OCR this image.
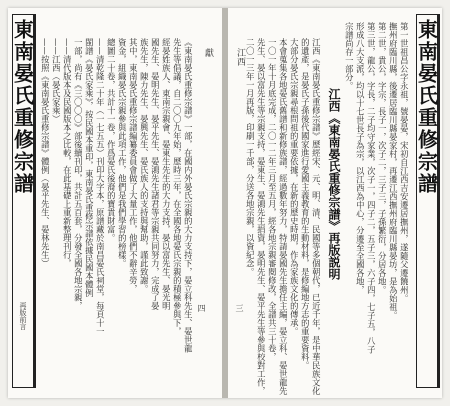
東南晏氏重修宗譜
再版前言	四
獻
《東南晏氏重修宗譜》一部，在國内外晏氏宗親的大力支持下，晏立科先生、晏世龍
先生等倡議，自二〇〇九年始，歷時三年，在全國各地晏氏宗親的積極參與下，
經晏姓族人、東南宗親會、晏東生先生的大力支持，晏以富先生、晏光明
國先生、晏明先生、晏平先生、晏鴻先生諸君等宗親共同努力，完成了晏
族先生，陳力先生、晏興先生、晏氏族人的支持與幫助，謹此致謝。
其中，東南晏氏重修宗譜編纂委員會做了大量工作，他們不辭辛勞，
資金，組織晏氏宗親參與此項工作，他們是我們學習的榜樣。
總圖二十卷，共計十一卷，作爲晏氏後裔的寶貴財富。
——清乾隆二十年（一七五五）刊印大字本，原譜藏於南昌晏氏祠堂，每頁十一
閩譜《晏氏家乘》，按民國本重印，東南晏氏重修宗譜依據民國本體例
一部，尚有《三〇〇〇》部後續刊印，共計五百套，分發全國各地宗親，
——清代版本及民國版本之比較，在此基礎上重新整理刊行，
——江西（晏氏家乘）
——按照《東南晏氏重修宗譜》體例（晏平先生、晏林先生）	東南晏氏重修宗譜
三
江西	第一世祖昌公字永祖，號晏晏，宋初自江西吉安遷居撫州，遂隨父遷饒州。
撫州府臨川縣，後遷居臨川縣晏家村，再遷江西撫州府臨川縣晏坊，是為始祖。
第二世，貴公，字宗，長子一，次子二，三子三，子孫繁衍，分居各地。
第三世，龍公，字長，二子均守家業，次子一，四子二，五子三，六子四，七子五，八子
形成八大支派，均以十七世長子為宗，以江西為中心，分遷至全國各地，
宗譜尚存一部分。
江西《東南晏氏重修宗譜》再版説明
江西《東南晏氏重修宗譜》歷經宋、元、明、清、民國等多個朝代，已近千年，是中華民族文化
的遺產，是晏氏子孫後代國家進行愛國主義教育的生動材料，是修編地方志的重要資料。
大部分晏氏宗親尋根問祖的重要依據，在新的歷史時期，作為家族文化的傳承。
本會蒐集各地晏氏舊譜和新修族譜，經過數年努力，特請晏國先生擔任主編，晏立科、晏世龍先
一〇一年十月底完成，二〇一二年三月至五月，經各地宗親審閱修改，全譜共三十卷，
先生、晏以富先生等宗親支持，晏東生、晏鴻先生捐資，晏明先生、晏平先生等參與校對工作，
二〇一三年一月再版，印刷一千部，分送各地宗親，以資紀念。
